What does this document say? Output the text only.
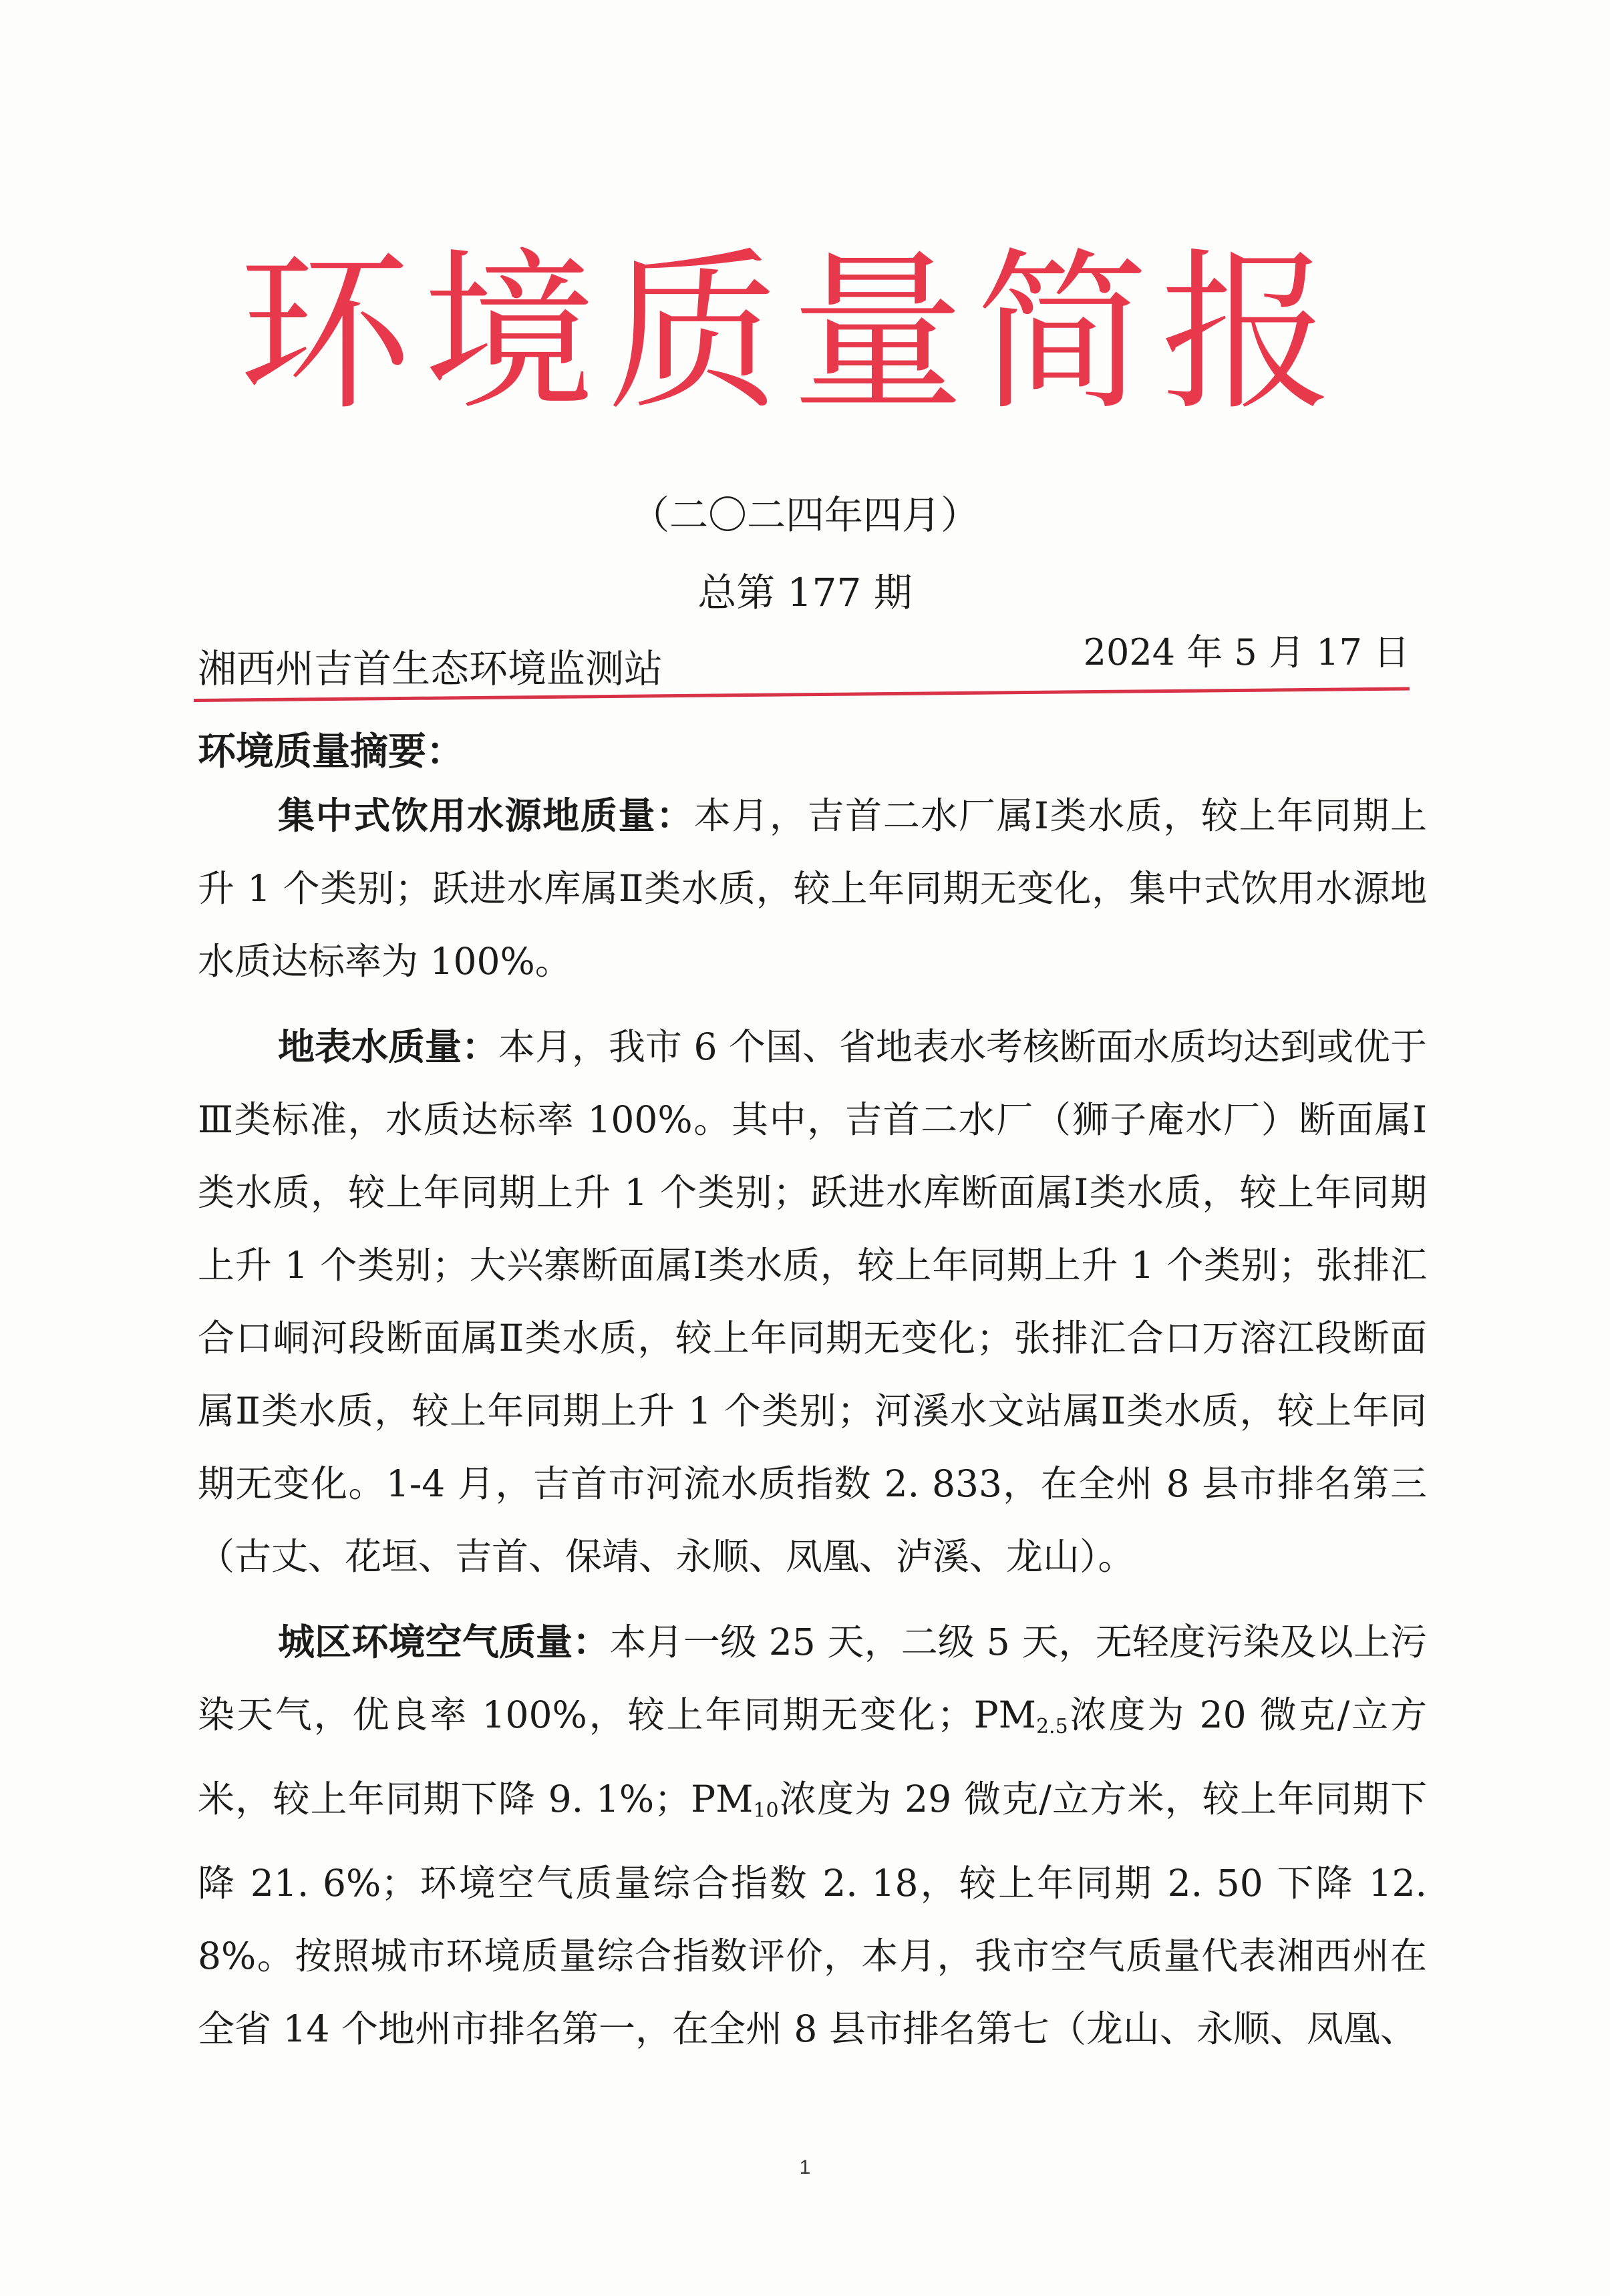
环境质量简报
（二〇二四年四月）
总第 177 期
湘西州吉首生态环境监测站	2024 年 5 月 17 日
环境质量摘要：

集中式饮用水源地质量：本月，吉首二水厂属Ⅰ类水质，较上年同期上升 1 个类别；跃进水库属Ⅱ类水质，较上年同期无变化，集中式饮用水源地水质达标率为 100%。

地表水质量：本月，我市 6 个国、省地表水考核断面水质均达到或优于Ⅲ类标准，水质达标率 100%。其中，吉首二水厂（狮子庵水厂）断面属Ⅰ类水质，较上年同期上升 1 个类别；跃进水库断面属Ⅰ类水质，较上年同期上升 1 个类别；大兴寨断面属Ⅰ类水质，较上年同期上升 1 个类别；张排汇合口峒河段断面属Ⅱ类水质，较上年同期无变化；张排汇合口万溶江段断面属Ⅱ类水质，较上年同期上升 1 个类别；河溪水文站属Ⅱ类水质，较上年同期无变化。1-4 月，吉首市河流水质指数 2. 833，在全州 8 县市排名第三（古丈、花垣、吉首、保靖、永顺、凤凰、泸溪、龙山）。

城区环境空气质量：本月一级 25 天，二级 5 天，无轻度污染及以上污染天气，优良率 100%，较上年同期无变化；$PM_{2.5}$浓度为 20 微克/立方米，较上年同期下降 9. 1%；$PM_{10}$浓度为 29 微克/立方米，较上年同期下降 21. 6%；环境空气质量综合指数 2. 18，较上年同期 2. 50 下降 12. 8%。按照城市环境质量综合指数评价，本月，我市空气质量代表湘西州在全省 14 个地州市排名第一，在全州 8 县市排名第七（龙山、永顺、凤凰、

1
